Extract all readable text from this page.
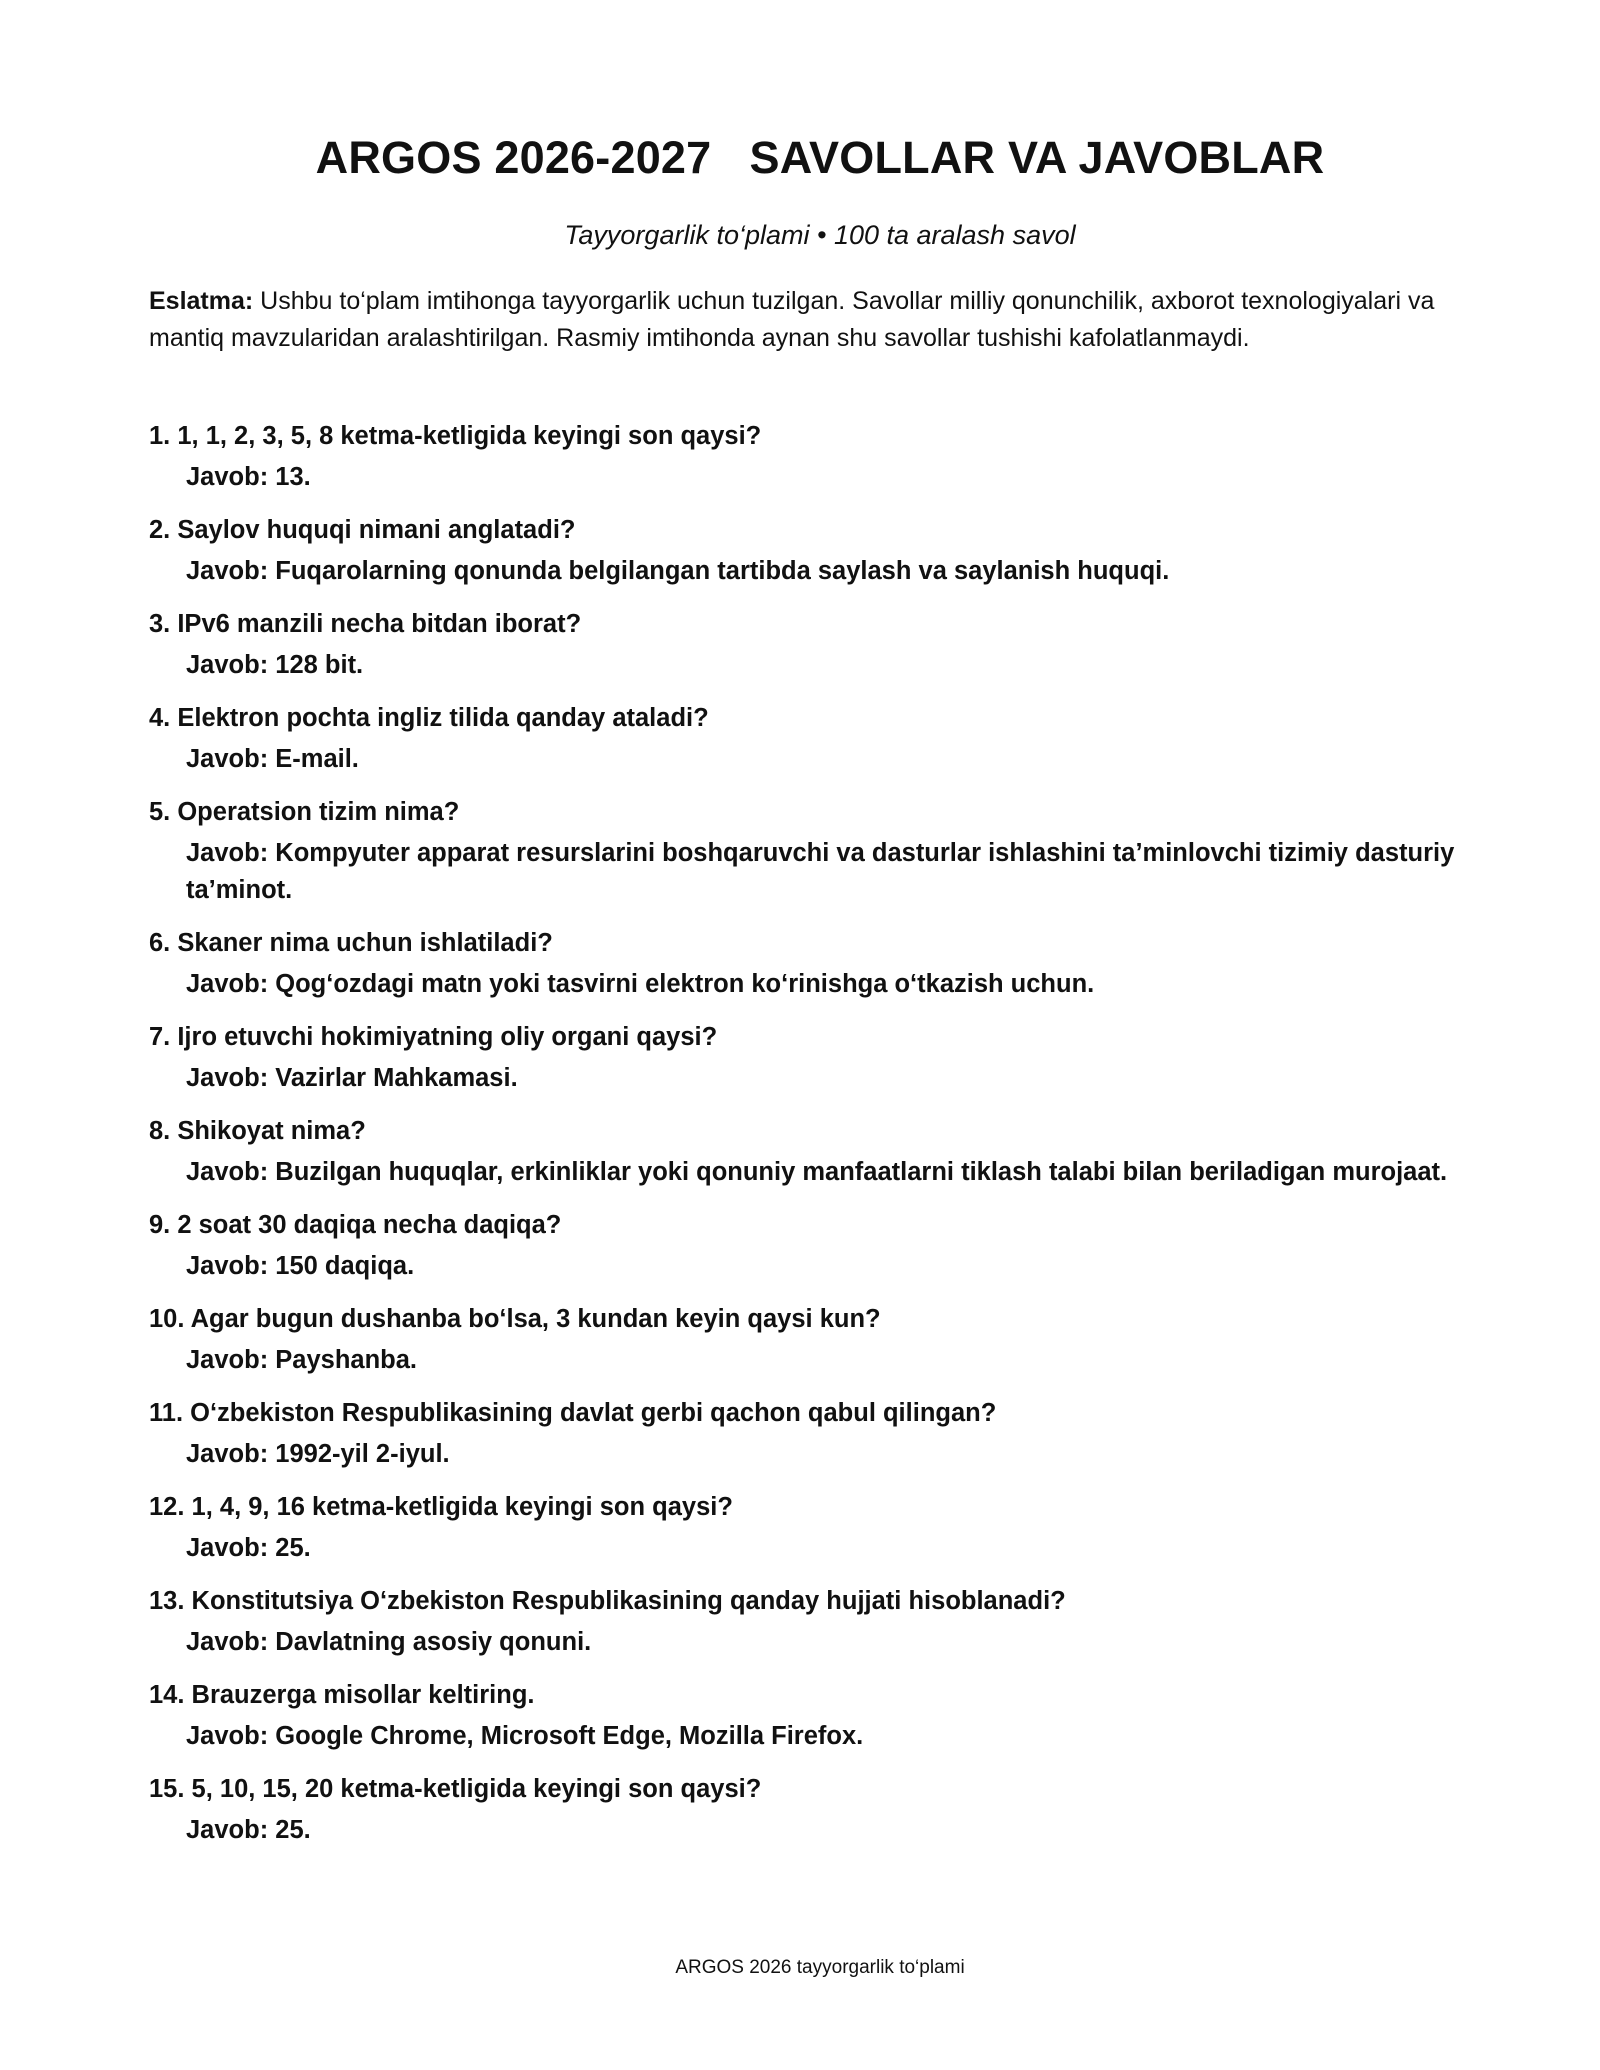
ARGOS 2026-2027   SAVOLLAR VA JAVOBLAR

Tayyorgarlik to‘plami • 100 ta aralash savol

Eslatma: Ushbu to‘plam imtihonga tayyorgarlik uchun tuzilgan. Savollar milliy qonunchilik, axborot texnologiyalari va mantiq mavzularidan aralashtirilgan. Rasmiy imtihonda aynan shu savollar tushishi kafolatlanmaydi.

1. 1, 1, 2, 3, 5, 8 ketma-ketligida keyingi son qaysi?
Javob: 13.
2. Saylov huquqi nimani anglatadi?
Javob: Fuqarolarning qonunda belgilangan tartibda saylash va saylanish huquqi.
3. IPv6 manzili necha bitdan iborat?
Javob: 128 bit.
4. Elektron pochta ingliz tilida qanday ataladi?
Javob: E-mail.
5. Operatsion tizim nima?
Javob: Kompyuter apparat resurslarini boshqaruvchi va dasturlar ishlashini ta’minlovchi tizimiy dasturiy ta’minot.
6. Skaner nima uchun ishlatiladi?
Javob: Qog‘ozdagi matn yoki tasvirni elektron ko‘rinishga o‘tkazish uchun.
7. Ijro etuvchi hokimiyatning oliy organi qaysi?
Javob: Vazirlar Mahkamasi.
8. Shikoyat nima?
Javob: Buzilgan huquqlar, erkinliklar yoki qonuniy manfaatlarni tiklash talabi bilan beriladigan murojaat.
9. 2 soat 30 daqiqa necha daqiqa?
Javob: 150 daqiqa.
10. Agar bugun dushanba bo‘lsa, 3 kundan keyin qaysi kun?
Javob: Payshanba.
11. O‘zbekiston Respublikasining davlat gerbi qachon qabul qilingan?
Javob: 1992-yil 2-iyul.
12. 1, 4, 9, 16 ketma-ketligida keyingi son qaysi?
Javob: 25.
13. Konstitutsiya O‘zbekiston Respublikasining qanday hujjati hisoblanadi?
Javob: Davlatning asosiy qonuni.
14. Brauzerga misollar keltiring.
Javob: Google Chrome, Microsoft Edge, Mozilla Firefox.
15. 5, 10, 15, 20 ketma-ketligida keyingi son qaysi?
Javob: 25.

ARGOS 2026 tayyorgarlik to‘plami
